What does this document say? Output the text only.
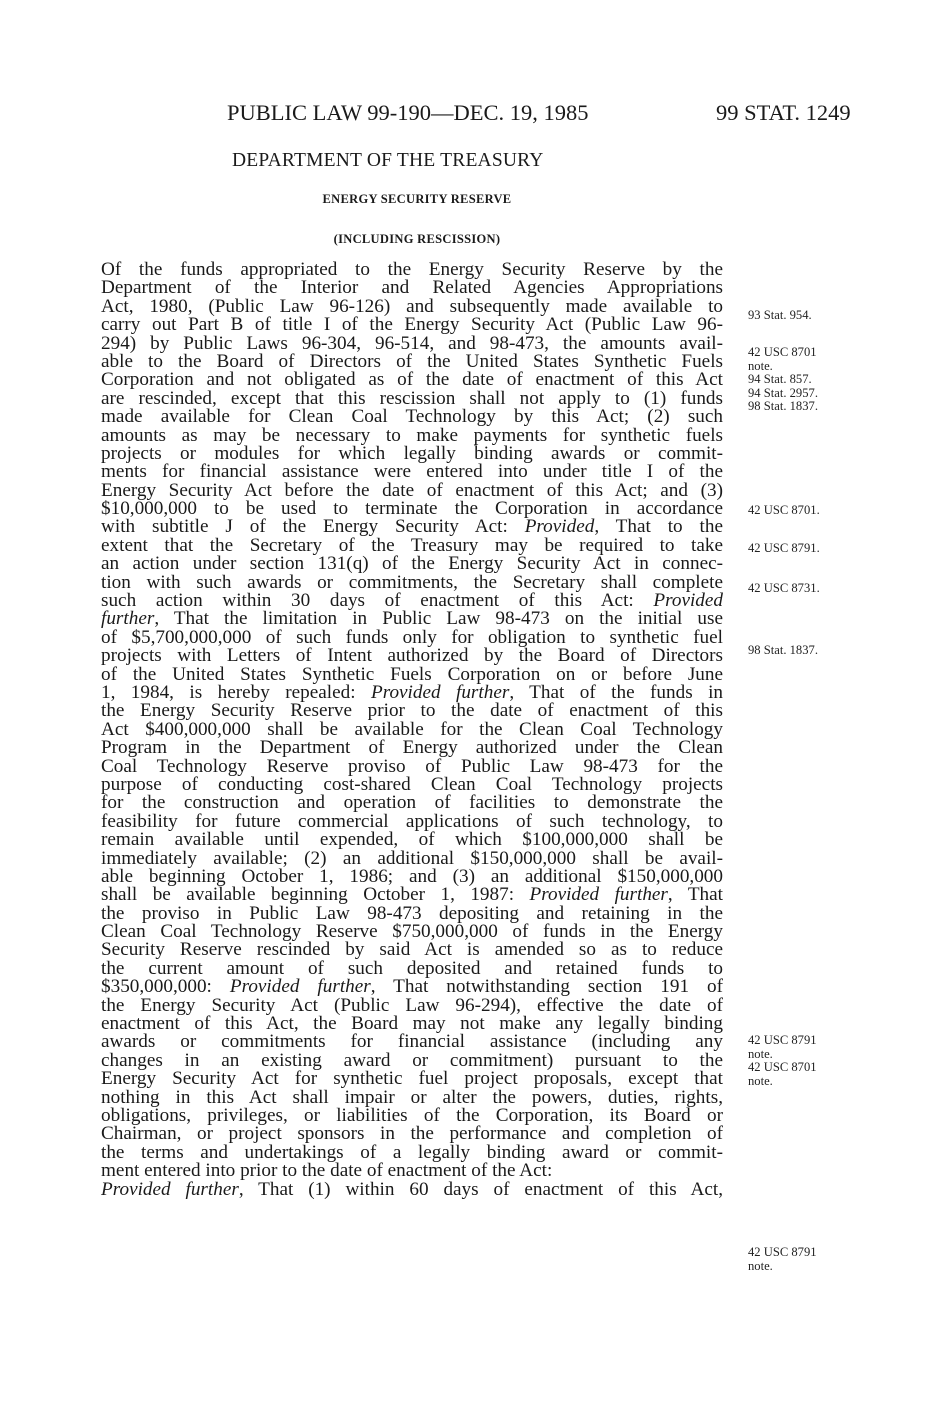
PUBLIC LAW 99-190—DEC. 19, 1985	99 STAT. 1249
DEPARTMENT OF THE TREASURY
ENERGY SECURITY RESERVE
(INCLUDING RESCISSION)
Of the funds appropriated to the Energy Security Reserve by the
Department of the Interior and Related Agencies Appropriations
Act, 1980, (Public Law 96-126) and subsequently made available to
carry out Part B of title I of the Energy Security Act (Public Law 96-
294) by Public Laws 96-304, 96-514, and 98-473, the amounts avail-
able to the Board of Directors of the United States Synthetic Fuels
Corporation and not obligated as of the date of enactment of this Act
are rescinded, except that this rescission shall not apply to (1) funds
made available for Clean Coal Technology by this Act; (2) such
amounts as may be necessary to make payments for synthetic fuels
projects or modules for which legally binding awards or commit-
ments for financial assistance were entered into under title I of the
Energy Security Act before the date of enactment of this Act; and (3)
$10,000,000 to be used to terminate the Corporation in accordance
with subtitle J of the Energy Security Act: Provided, That to the
extent that the Secretary of the Treasury may be required to take
an action under section 131(q) of the Energy Security Act in connec-
tion with such awards or commitments, the Secretary shall complete
such action within 30 days of enactment of this Act: Provided
further, That the limitation in Public Law 98-473 on the initial use
of $5,700,000,000 of such funds only for obligation to synthetic fuel
projects with Letters of Intent authorized by the Board of Directors
of the United States Synthetic Fuels Corporation on or before June
1, 1984, is hereby repealed: Provided further, That of the funds in
the Energy Security Reserve prior to the date of enactment of this
Act $400,000,000 shall be available for the Clean Coal Technology
Program in the Department of Energy authorized under the Clean
Coal Technology Reserve proviso of Public Law 98-473 for the
purpose of conducting cost-shared Clean Coal Technology projects
for the construction and operation of facilities to demonstrate the
feasibility for future commercial applications of such technology, to
remain available until expended, of which $100,000,000 shall be
immediately available; (2) an additional $150,000,000 shall be avail-
able beginning October 1, 1986; and (3) an additional $150,000,000
shall be available beginning October 1, 1987: Provided further, That
the proviso in Public Law 98-473 depositing and retaining in the
Clean Coal Technology Reserve $750,000,000 of funds in the Energy
Security Reserve rescinded by said Act is amended so as to reduce
the current amount of such deposited and retained funds to
$350,000,000: Provided further, That notwithstanding section 191 of
the Energy Security Act (Public Law 96-294), effective the date of
enactment of this Act, the Board may not make any legally binding
awards or commitments for financial assistance (including any
changes in an existing award or commitment) pursuant to the
Energy Security Act for synthetic fuel project proposals, except that
nothing in this Act shall impair or alter the powers, duties, rights,
obligations, privileges, or liabilities of the Corporation, its Board or
Chairman, or project sponsors in the performance and completion of
the terms and undertakings of a legally binding award or commit-
ment entered into prior to the date of enactment of the Act:
Provided further, That (1) within 60 days of enactment of this Act,
93 Stat. 954.
42 USC 8701
note.
94 Stat. 857.
94 Stat. 2957.
98 Stat. 1837.
42 USC 8701.
42 USC 8791.
42 USC 8731.
98 Stat. 1837.
42 USC 8791
note.
42 USC 8701
note.
42 USC 8791
note.
